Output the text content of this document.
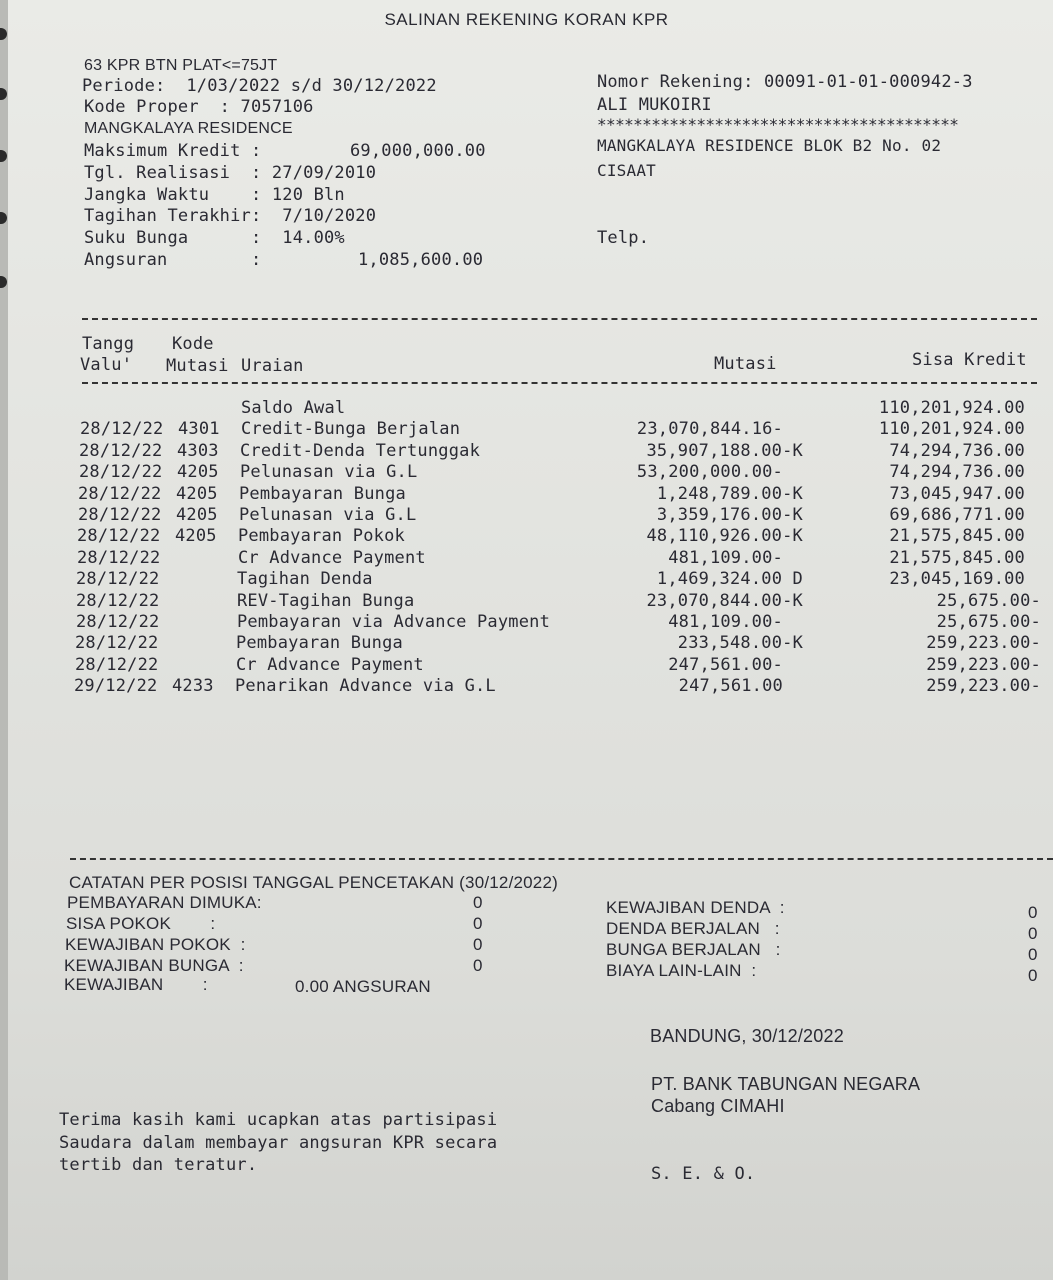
SALINAN REKENING KORAN KPR
63 KPR BTN PLAT<=75JT
Periode:  1/03/2022 s/d 30/12/2022
Kode Proper  : 7057106
MANGKALAYA RESIDENCE
Maksimum Kredit :	69,000,000.00
Tgl. Realisasi  : 27/09/2010
Jangka Waktu    : 120 Bln
Tagihan Terakhir:  7/10/2020
Suku Bunga      :  14.00%
Angsuran        :	1,085,600.00
Nomor Rekening: 00091-01-01-000942-3
ALI MUKOIRI
****************************************
MANGKALAYA RESIDENCE BLOK B2 No. 02
CISAAT
Telp.
Tangg
Valu'
Kode
Mutasi Uraian	Mutasi	Sisa Kredit
Saldo Awal	110,201,924.00
28/12/22 4301 Credit-Bunga Berjalan	23,070,844.16-	110,201,924.00
28/12/22 4303 Credit-Denda Tertunggak	35,907,188.00-K	74,294,736.00
28/12/22 4205 Pelunasan via G.L	53,200,000.00-	74,294,736.00
28/12/22 4205 Pembayaran Bunga	1,248,789.00-K	73,045,947.00
28/12/22 4205 Pelunasan via G.L	3,359,176.00-K	69,686,771.00
28/12/22 4205 Pembayaran Pokok	48,110,926.00-K	21,575,845.00
28/12/22	Cr Advance Payment	481,109.00-	21,575,845.00
28/12/22	Tagihan Denda	1,469,324.00 D	23,045,169.00
28/12/22	REV-Tagihan Bunga	23,070,844.00-K	25,675.00-
28/12/22	Pembayaran via Advance Payment	481,109.00-	25,675.00-
28/12/22	Pembayaran Bunga	233,548.00-K	259,223.00-
28/12/22	Cr Advance Payment	247,561.00-	259,223.00-
29/12/22 4233 Penarikan Advance via G.L	247,561.00	259,223.00-
CATATAN PER POSISI TANGGAL PENCETAKAN (30/12/2022)
PEMBAYARAN DIMUKA:	0
SISA POKOK        :	0
KEWAJIBAN POKOK  :	0
KEWAJIBAN BUNGA  :	0
KEWAJIBAN DENDA  :	0
DENDA BERJALAN   :	0
BUNGA BERJALAN   :	0
BIAYA LAIN-LAIN  :	0
KEWAJIBAN        :	0.00 ANGSURAN
BANDUNG, 30/12/2022
PT. BANK TABUNGAN NEGARA
Cabang CIMAHI
Terima kasih kami ucapkan atas partisipasi
Saudara dalam membayar angsuran KPR secara
tertib dan teratur.	S. E. & O.
